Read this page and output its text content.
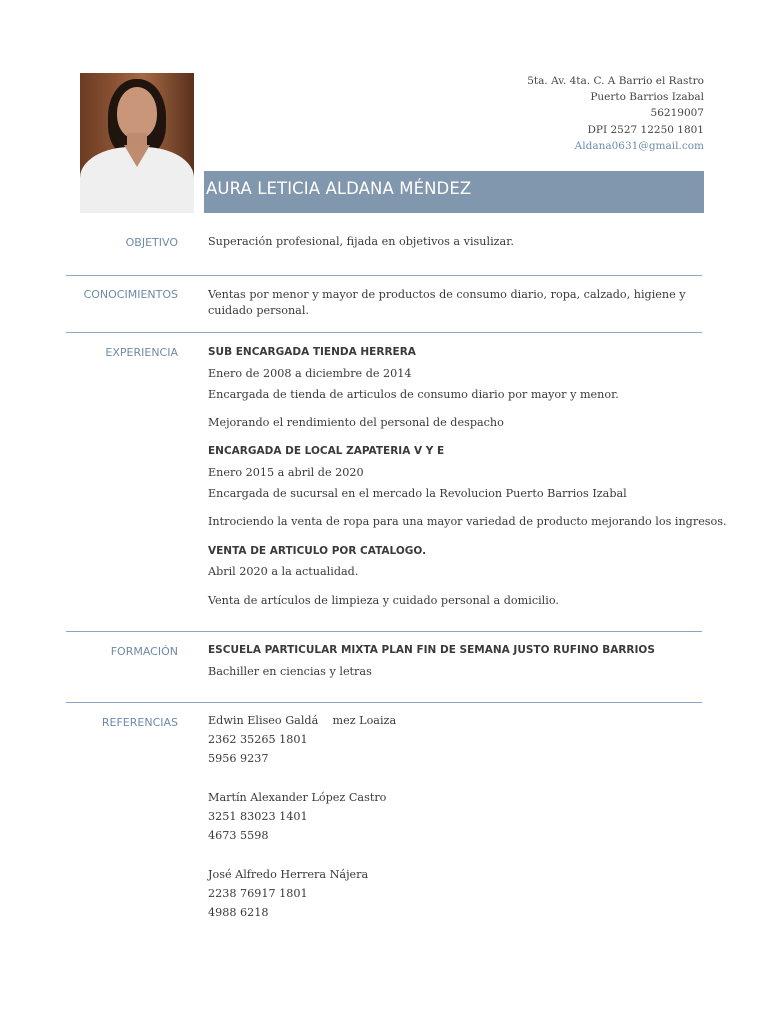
5ta. Av. 4ta. C. A Barrio el Rastro
Puerto Barrios Izabal
56219007
DPI 2527 12250 1801
Aldana0631@gmail.com
AURA LETICIA ALDANA MÉNDEZ
OBJETIVO	Superación profesional, fijada en objetivos a visulizar.
CONOCIMIENTOS	Ventas por menor y mayor de productos de consumo diario, ropa, calzado, higiene y
cuidado personal.
EXPERIENCIA	SUB ENCARGADA TIENDA HERRERA
Enero de 2008 a diciembre de 2014
Encargada de tienda de articulos de consumo diario por mayor y menor.
Mejorando el rendimiento del personal de despacho
ENCARGADA DE LOCAL ZAPATERIA V Y E
Enero 2015 a abril de 2020
Encargada de sucursal en el mercado la Revolucion Puerto Barrios Izabal
Introciendo la venta de ropa para una mayor variedad de producto mejorando los ingresos.
VENTA DE ARTICULO POR CATALOGO.
Abril 2020 a la actualidad.
Venta de artículos de limpieza y cuidado personal a domicilio.
FORMACIÓN	ESCUELA PARTICULAR MIXTA PLAN FIN DE SEMANA JUSTO RUFINO BARRIOS
Bachiller en ciencias y letras
REFERENCIAS	Edwin Eliseo Galdá    mez Loaiza
2362 35265 1801
5956 9237
Martín Alexander López Castro
3251 83023 1401
4673 5598
José Alfredo Herrera Nájera
2238 76917 1801
4988 6218
